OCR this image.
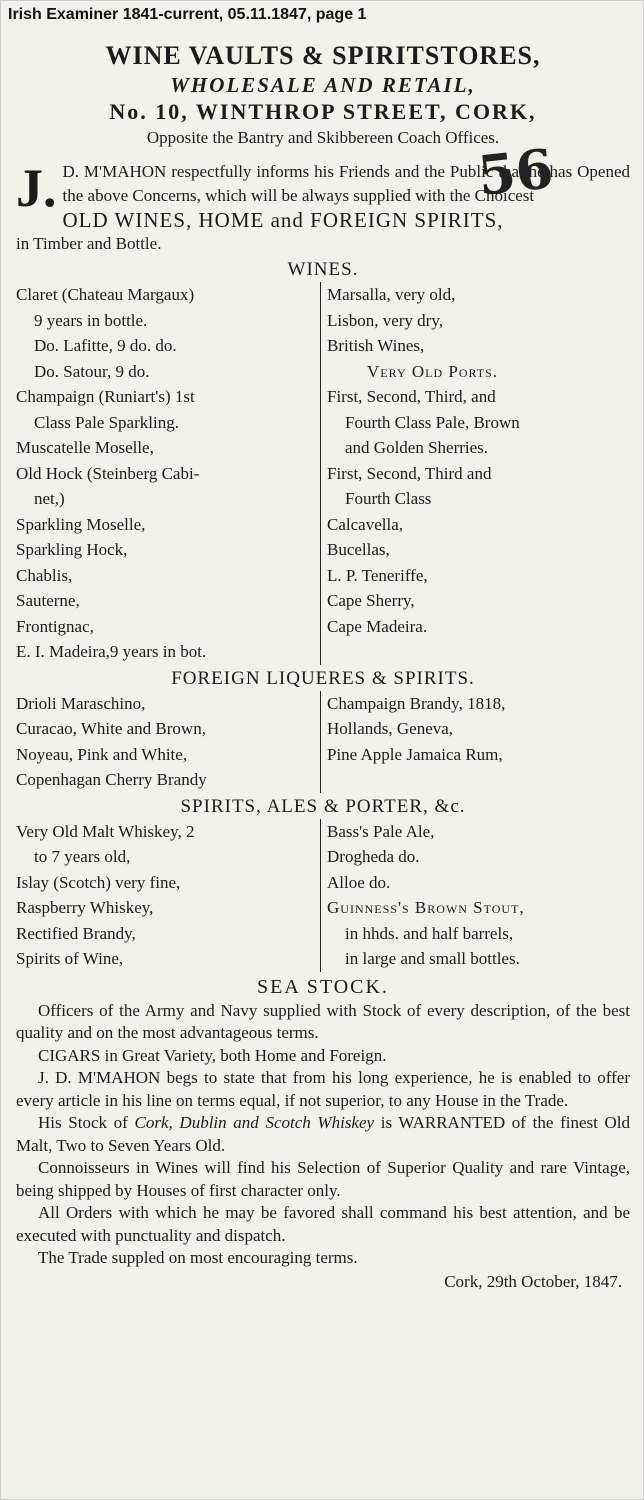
Irish Examiner 1841-current, 05.11.1847, page 1
WINE VAULTS & SPIRITSTORES,
WHOLESALE AND RETAIL,
No. 10, WINTHROP STREET, CORK,
Opposite the Bantry and Skibbereen Coach Offices.
J. D. M'MAHON respectfully informs his Friends and the Public that he has Opened the above Concerns, which will be always supplied with the Choicest
OLD WINES, HOME and FOREIGN SPIRITS,
in Timber and Bottle.
WINES.
Claret (Chateau Margaux)
9 years in bottle.
Do. Lafitte, 9 do. do.
Do. Satour, 9 do.
Champaign (Runiart's) 1st
Class Pale Sparkling.
Muscatelle Moselle,
Old Hock (Steinberg Cabi-
net,)
Sparkling Moselle,
Sparkling Hock,
Chablis,
Sauterne,
Frontignac,
E. I. Madeira,9 years in bot.
Marsalla, very old,
Lisbon, very dry,
British Wines,
Very Old Ports.
First, Second, Third, and
Fourth Class Pale, Brown
and Golden Sherries.
First, Second, Third and
Fourth Class
Calcavella,
Bucellas,
L. P. Teneriffe,
Cape Sherry,
Cape Madeira.
FOREIGN LIQUERES & SPIRITS.
Drioli Maraschino,
Curacao, White and Brown,
Noyeau, Pink and White,
Copenhagan Cherry Brandy
Champaign Brandy, 1818,
Hollands, Geneva,
Pine Apple Jamaica Rum,
SPIRITS, ALES & PORTER, &c.
Very Old Malt Whiskey, 2
to 7 years old,
Islay (Scotch) very fine,
Raspberry Whiskey,
Rectified Brandy,
Spirits of Wine,
Bass's Pale Ale,
Drogheda do.
Alloe do.
Guinness's Brown Stout,
in hhds. and half barrels,
in large and small bottles.
SEA STOCK.
Officers of the Army and Navy supplied with Stock of every description, of the best quality and on the most advantageous terms.
CIGARS in Great Variety, both Home and Foreign.
J. D. M'MAHON begs to state that from his long experience, he is enabled to offer every article in his line on terms equal, if not superior, to any House in the Trade.
His Stock of Cork, Dublin and Scotch Whiskey is WARRANTED of the finest Old Malt, Two to Seven Years Old.
Connoisseurs in Wines will find his Selection of Superior Quality and rare Vintage, being shipped by Houses of first character only.
All Orders with which he may be favored shall command his best attention, and be executed with punctuality and dispatch.
The Trade suppled on most encouraging terms.
Cork, 29th October, 1847.
56
